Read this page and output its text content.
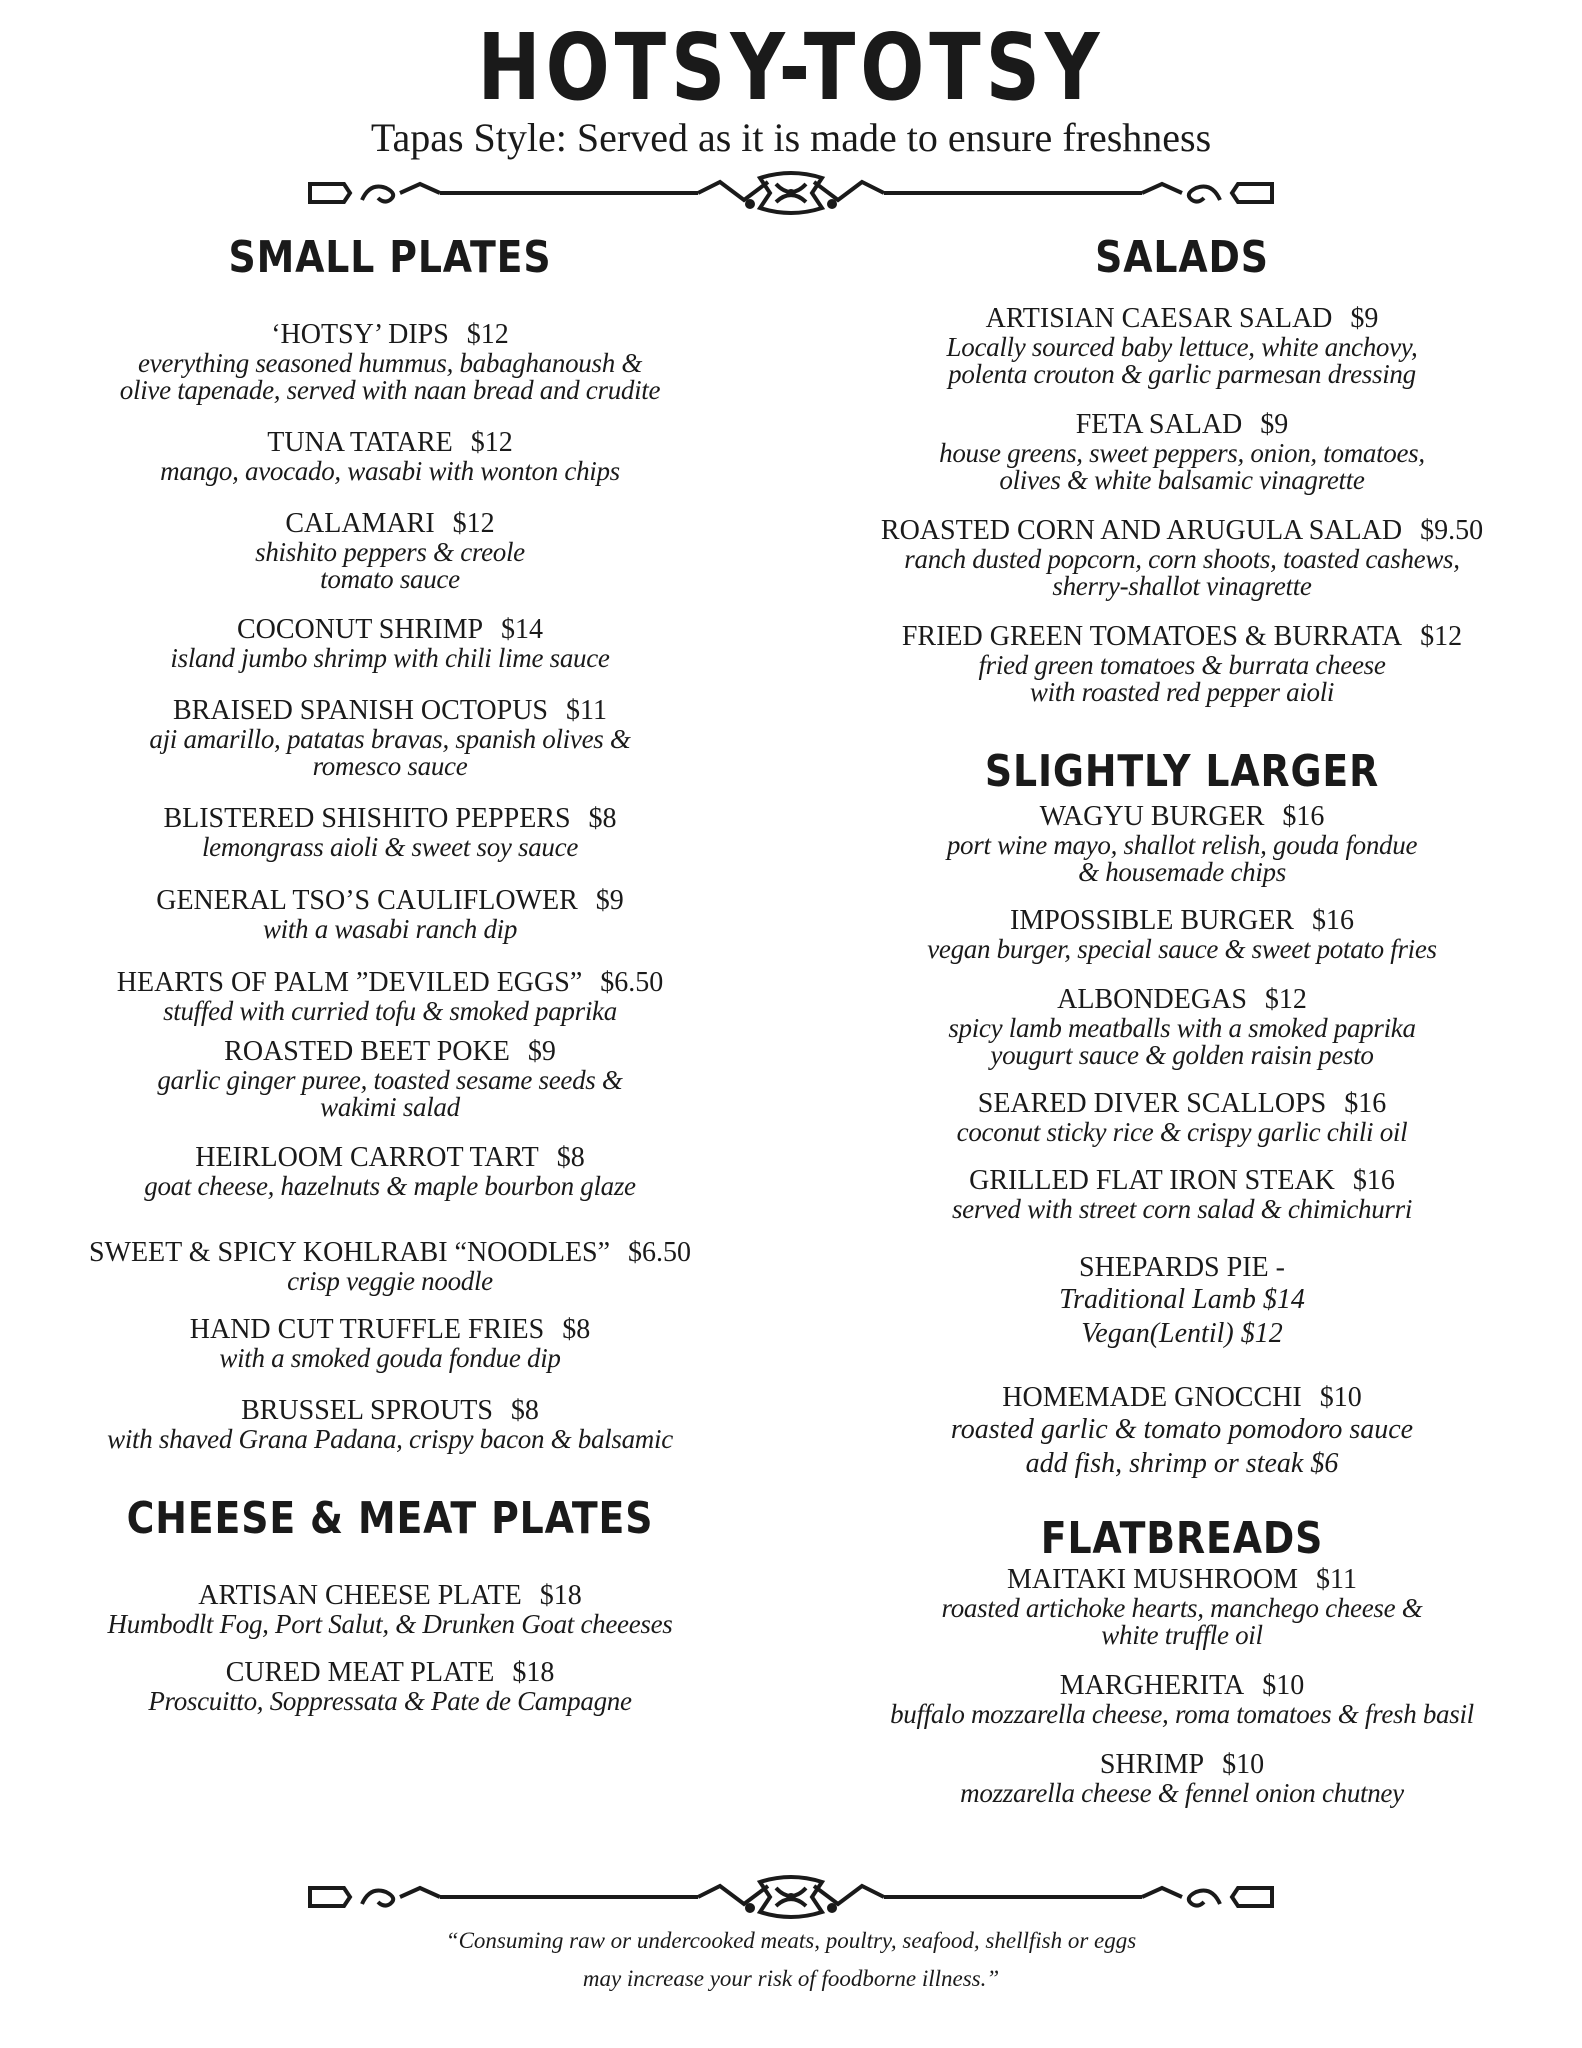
HOTSY-TOTSY
Tapas Style: Served as it is made to ensure freshness
SMALL PLATES
‘HOTSY’ DIPS $12
everything seasoned hummus, babaghanoush &
olive tapenade, served with naan bread and crudite
TUNA TATARE $12
mango, avocado, wasabi with wonton chips
CALAMARI $12
shishito peppers & creole
tomato sauce
COCONUT SHRIMP $14
island jumbo shrimp with chili lime sauce
BRAISED SPANISH OCTOPUS $11
aji amarillo, patatas bravas, spanish olives &
romesco sauce
BLISTERED SHISHITO PEPPERS $8
lemongrass aioli & sweet soy sauce
GENERAL TSO’S CAULIFLOWER $9
with a wasabi ranch dip
HEARTS OF PALM ”DEVILED EGGS” $6.50
stuffed with curried tofu & smoked paprika
ROASTED BEET POKE $9
garlic ginger puree, toasted sesame seeds &
wakimi salad
HEIRLOOM CARROT TART $8
goat cheese, hazelnuts & maple bourbon glaze
SWEET & SPICY KOHLRABI “NOODLES” $6.50
crisp veggie noodle
HAND CUT TRUFFLE FRIES $8
with a smoked gouda fondue dip
BRUSSEL SPROUTS $8
with shaved Grana Padana, crispy bacon & balsamic
CHEESE & MEAT PLATES
ARTISAN CHEESE PLATE $18
Humbodlt Fog, Port Salut, & Drunken Goat cheeeses
CURED MEAT PLATE $18
Proscuitto, Soppressata & Pate de Campagne
SALADS
ARTISIAN CAESAR SALAD $9
Locally sourced baby lettuce, white anchovy,
polenta crouton & garlic parmesan dressing
FETA SALAD $9
house greens, sweet peppers, onion, tomatoes,
olives & white balsamic vinagrette
ROASTED CORN AND ARUGULA SALAD $9.50
ranch dusted popcorn, corn shoots, toasted cashews,
sherry-shallot vinagrette
FRIED GREEN TOMATOES & BURRATA $12
fried green tomatoes & burrata cheese
with roasted red pepper aioli
SLIGHTLY LARGER
WAGYU BURGER $16
port wine mayo, shallot relish, gouda fondue
& housemade chips
IMPOSSIBLE BURGER $16
vegan burger, special sauce & sweet potato fries
ALBONDEGAS $12
spicy lamb meatballs with a smoked paprika
yougurt sauce & golden raisin pesto
SEARED DIVER SCALLOPS $16
coconut sticky rice & crispy garlic chili oil
GRILLED FLAT IRON STEAK $16
served with street corn salad & chimichurri
SHEPARDS PIE -
Traditional Lamb $14
Vegan(Lentil) $12
HOMEMADE GNOCCHI $10
roasted garlic & tomato pomodoro sauce
add fish, shrimp or steak $6
FLATBREADS
MAITAKI MUSHROOM $11
roasted artichoke hearts, manchego cheese &
white truffle oil
MARGHERITA $10
buffalo mozzarella cheese, roma tomatoes & fresh basil
SHRIMP $10
mozzarella cheese & fennel onion chutney
“Consuming raw or undercooked meats, poultry, seafood, shellfish or eggs
may increase your risk of foodborne illness.”
